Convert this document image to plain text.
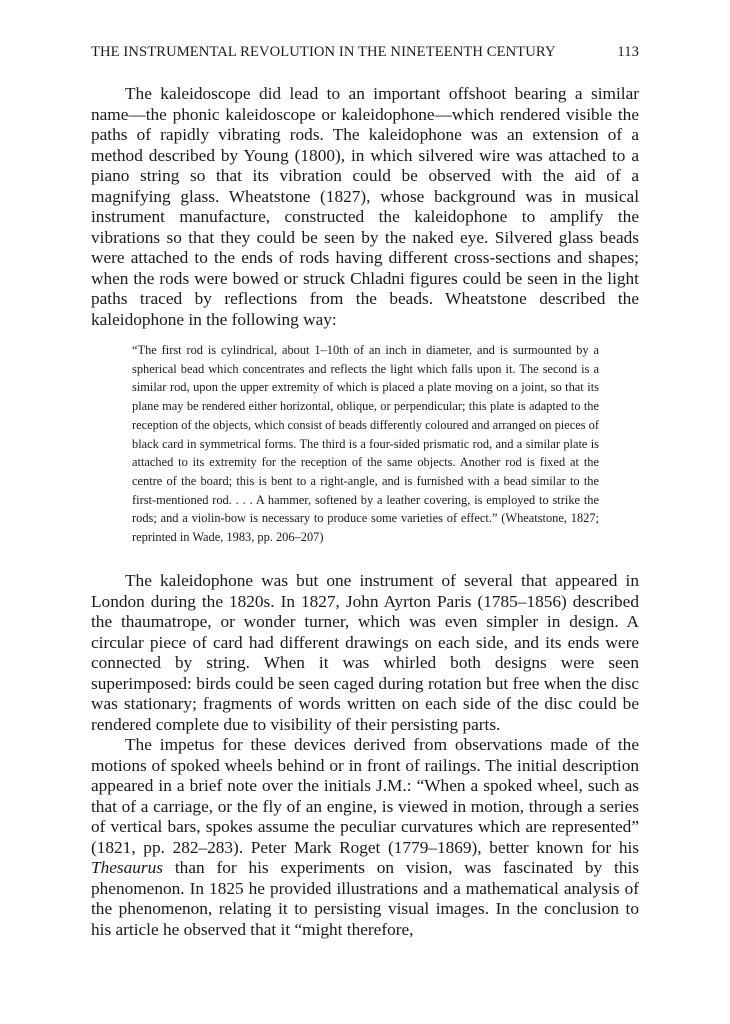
THE INSTRUMENTAL REVOLUTION IN THE NINETEENTH CENTURY	113

The kaleidoscope did lead to an important offshoot bearing a similar name—the phonic kaleidoscope or kaleidophone—which rendered visible the paths of rapidly vibrating rods. The kaleidophone was an extension of a method described by Young (1800), in which silvered wire was attached to a piano string so that its vibration could be observed with the aid of a magnifying glass. Wheatstone (1827), whose background was in musical instrument manufacture, constructed the kaleidophone to amplify the vibrations so that they could be seen by the naked eye. Silvered glass beads were attached to the ends of rods having different cross-sections and shapes; when the rods were bowed or struck Chladni figures could be seen in the light paths traced by reflections from the beads. Wheatstone described the kaleidophone in the following way:

“The first rod is cylindrical, about 1–10th of an inch in diameter, and is surmounted by a spherical bead which concentrates and reflects the light which falls upon it. The second is a similar rod, upon the upper extremity of which is placed a plate moving on a joint, so that its plane may be rendered either horizontal, oblique, or perpendicular; this plate is adapted to the reception of the objects, which consist of beads differently coloured and arranged on pieces of black card in symmetrical forms. The third is a four-sided prismatic rod, and a similar plate is attached to its extremity for the reception of the same objects. Another rod is fixed at the centre of the board; this is bent to a right-angle, and is furnished with a bead similar to the first-mentioned rod. . . . A hammer, softened by a leather covering, is employed to strike the rods; and a violin-bow is necessary to produce some varieties of effect.” (Wheatstone, 1827; reprinted in Wade, 1983, pp. 206–207)

The kaleidophone was but one instrument of several that appeared in London during the 1820s. In 1827, John Ayrton Paris (1785–1856) described the thaumatrope, or wonder turner, which was even simpler in design. A circular piece of card had different drawings on each side, and its ends were connected by string. When it was whirled both designs were seen superimposed: birds could be seen caged during rotation but free when the disc was stationary; fragments of words written on each side of the disc could be rendered complete due to visibility of their persisting parts.

The impetus for these devices derived from observations made of the motions of spoked wheels behind or in front of railings. The initial description appeared in a brief note over the initials J.M.: “When a spoked wheel, such as that of a carriage, or the fly of an engine, is viewed in motion, through a series of vertical bars, spokes assume the peculiar curvatures which are represented” (1821, pp. 282–283). Peter Mark Roget (1779–1869), better known for his Thesaurus than for his experiments on vision, was fascinated by this phenomenon. In 1825 he provided illustrations and a mathematical analysis of the phenomenon, relating it to persisting visual images. In the conclusion to his article he observed that it “might therefore,
